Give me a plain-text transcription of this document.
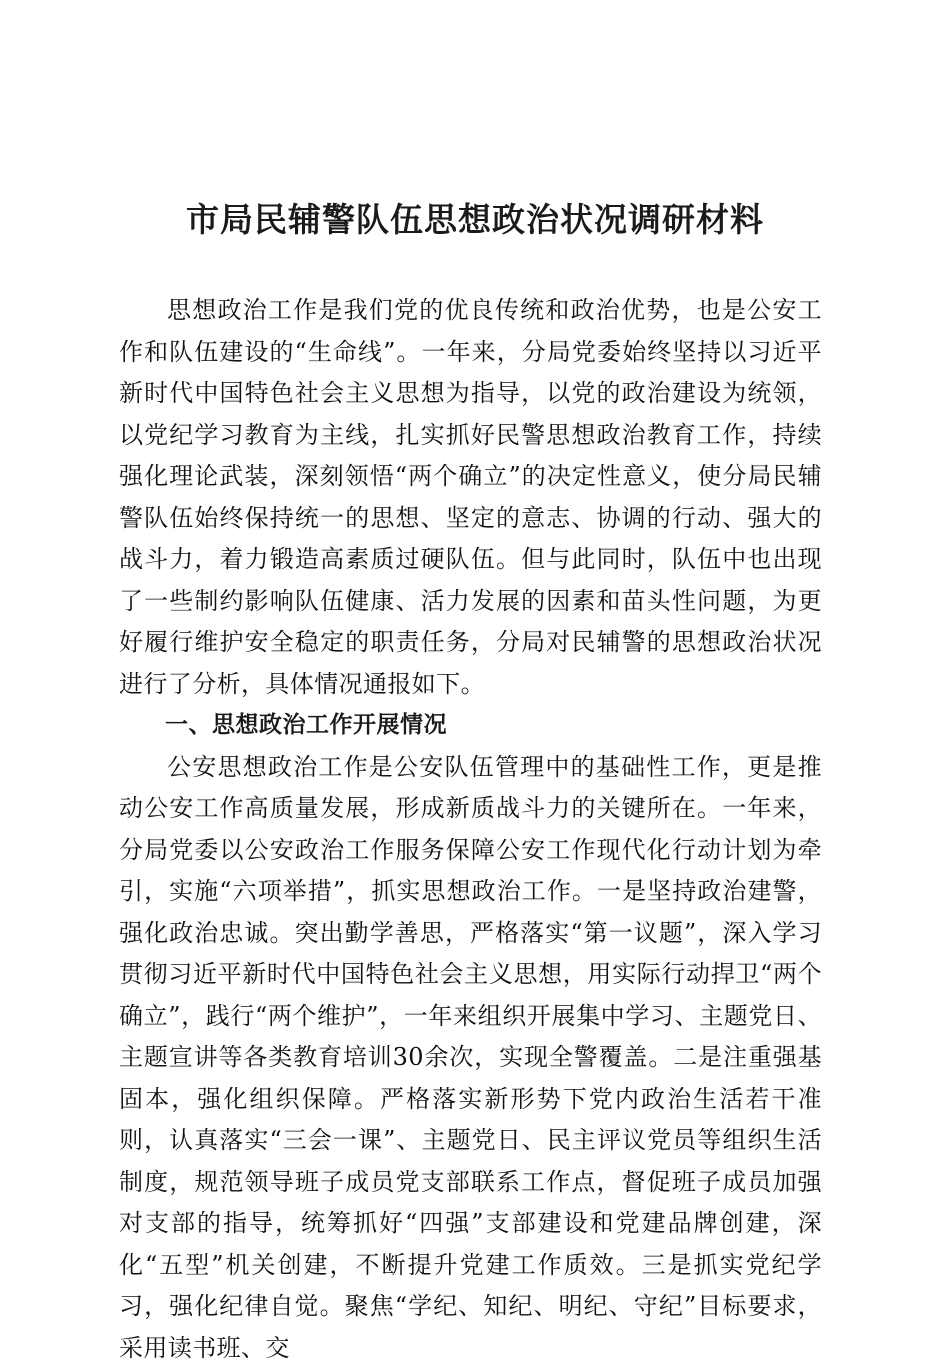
市局民辅警队伍思想政治状况调研材料

思想政治工作是我们党的优良传统和政治优势，也是公安工作和队伍建设的“生命线”。一年来，分局党委始终坚持以习近平新时代中国特色社会主义思想为指导，以党的政治建设为统领，以党纪学习教育为主线，扎实抓好民警思想政治教育工作，持续强化理论武装，深刻领悟“两个确立”的决定性意义，使分局民辅警队伍始终保持统一的思想、坚定的意志、协调的行动、强大的战斗力，着力锻造高素质过硬队伍。但与此同时，队伍中也出现了一些制约影响队伍健康、活力发展的因素和苗头性问题，为更好履行维护安全稳定的职责任务，分局对民辅警的思想政治状况进行了分析，具体情况通报如下。

一、思想政治工作开展情况

公安思想政治工作是公安队伍管理中的基础性工作，更是推动公安工作高质量发展，形成新质战斗力的关键所在。一年来，分局党委以公安政治工作服务保障公安工作现代化行动计划为牵引，实施“六项举措”，抓实思想政治工作。一是坚持政治建警，强化政治忠诚。突出勤学善思，严格落实“第一议题”，深入学习贯彻习近平新时代中国特色社会主义思想，用实际行动捍卫“两个确立”，践行“两个维护”，一年来组织开展集中学习、主题党日、主题宣讲等各类教育培训30余次，实现全警覆盖。二是注重强基固本，强化组织保障。严格落实新形势下党内政治生活若干准则，认真落实“三会一课”、主题党日、民主评议党员等组织生活制度，规范领导班子成员党支部联系工作点，督促班子成员加强对支部的指导，统筹抓好“四强”支部建设和党建品牌创建，深化“五型”机关创建，不断提升党建工作质效。三是抓实党纪学习，强化纪律自觉。聚焦“学纪、知纪、明纪、守纪”目标要求，采用读书班、交
